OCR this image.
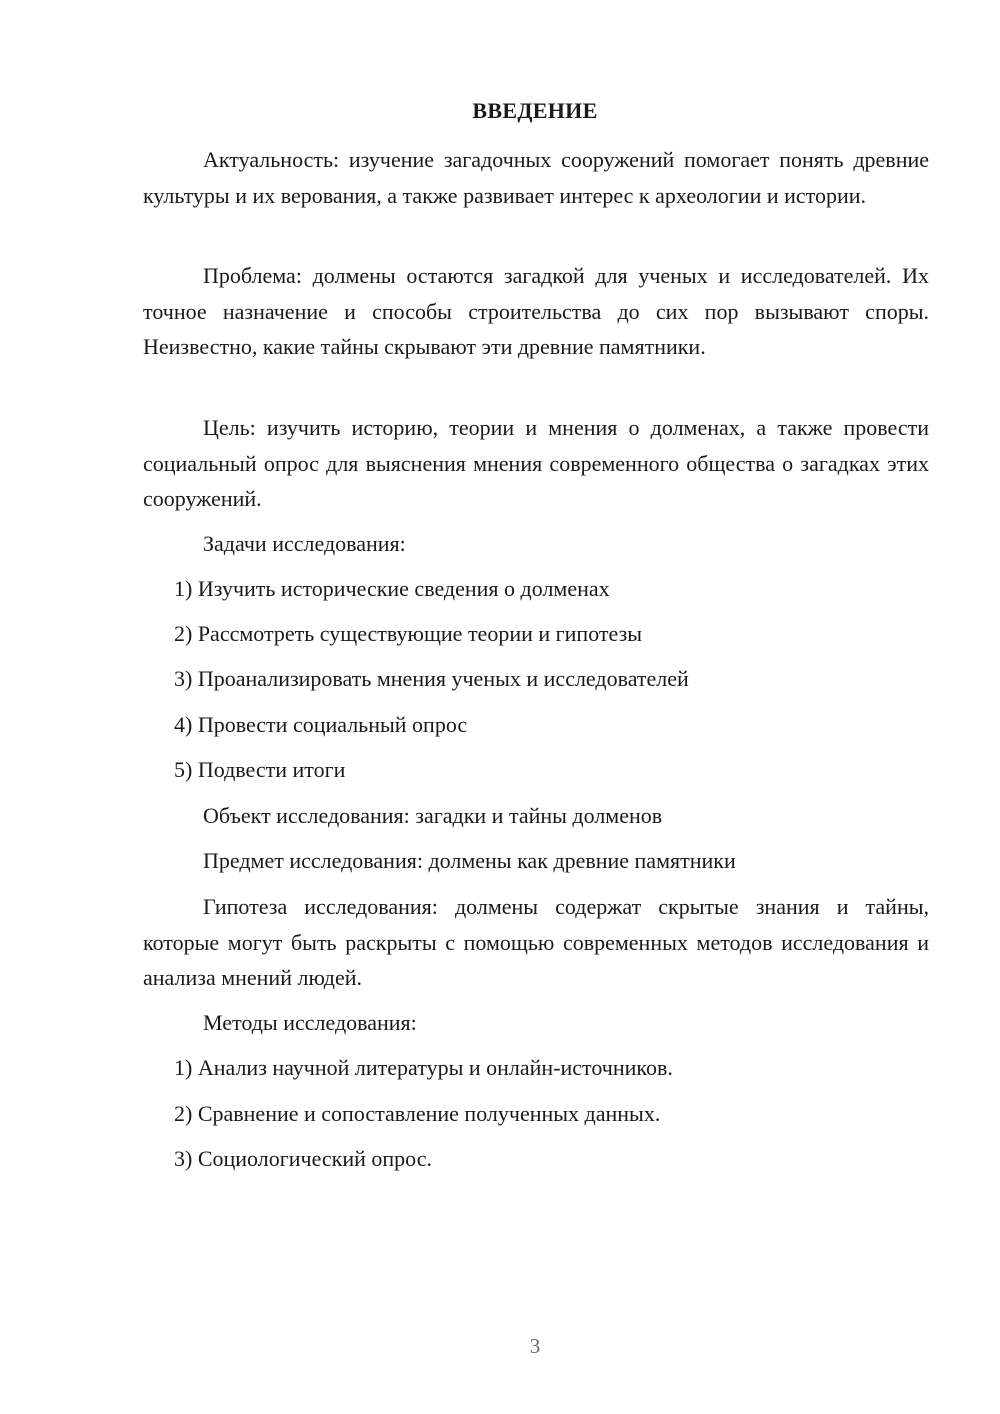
ВВЕДЕНИЕ

Актуальность: изучение загадочных сооружений помогает понять древние культуры и их верования, а также развивает интерес к археологии и истории.

Проблема: долмены остаются загадкой для ученых и исследователей. Их точное назначение и способы строительства до сих пор вызывают споры. Неизвестно, какие тайны скрывают эти древние памятники.

Цель: изучить историю, теории и мнения о долменах, а также провести социальный опрос для выяснения мнения современного общества о загадках этих сооружений.

Задачи исследования:
1) Изучить исторические сведения о долменах
2) Рассмотреть существующие теории и гипотезы
3) Проанализировать мнения ученых и исследователей
4) Провести социальный опрос
5) Подвести итоги
Объект исследования: загадки и тайны долменов
Предмет исследования: долмены как древние памятники

Гипотеза исследования: долмены содержат скрытые знания и тайны, которые могут быть раскрыты с помощью современных методов исследования и анализа мнений людей.

Методы исследования:
1) Анализ научной литературы и онлайн-источников.
2) Сравнение и сопоставление полученных данных.
3) Социологический опрос.
3
